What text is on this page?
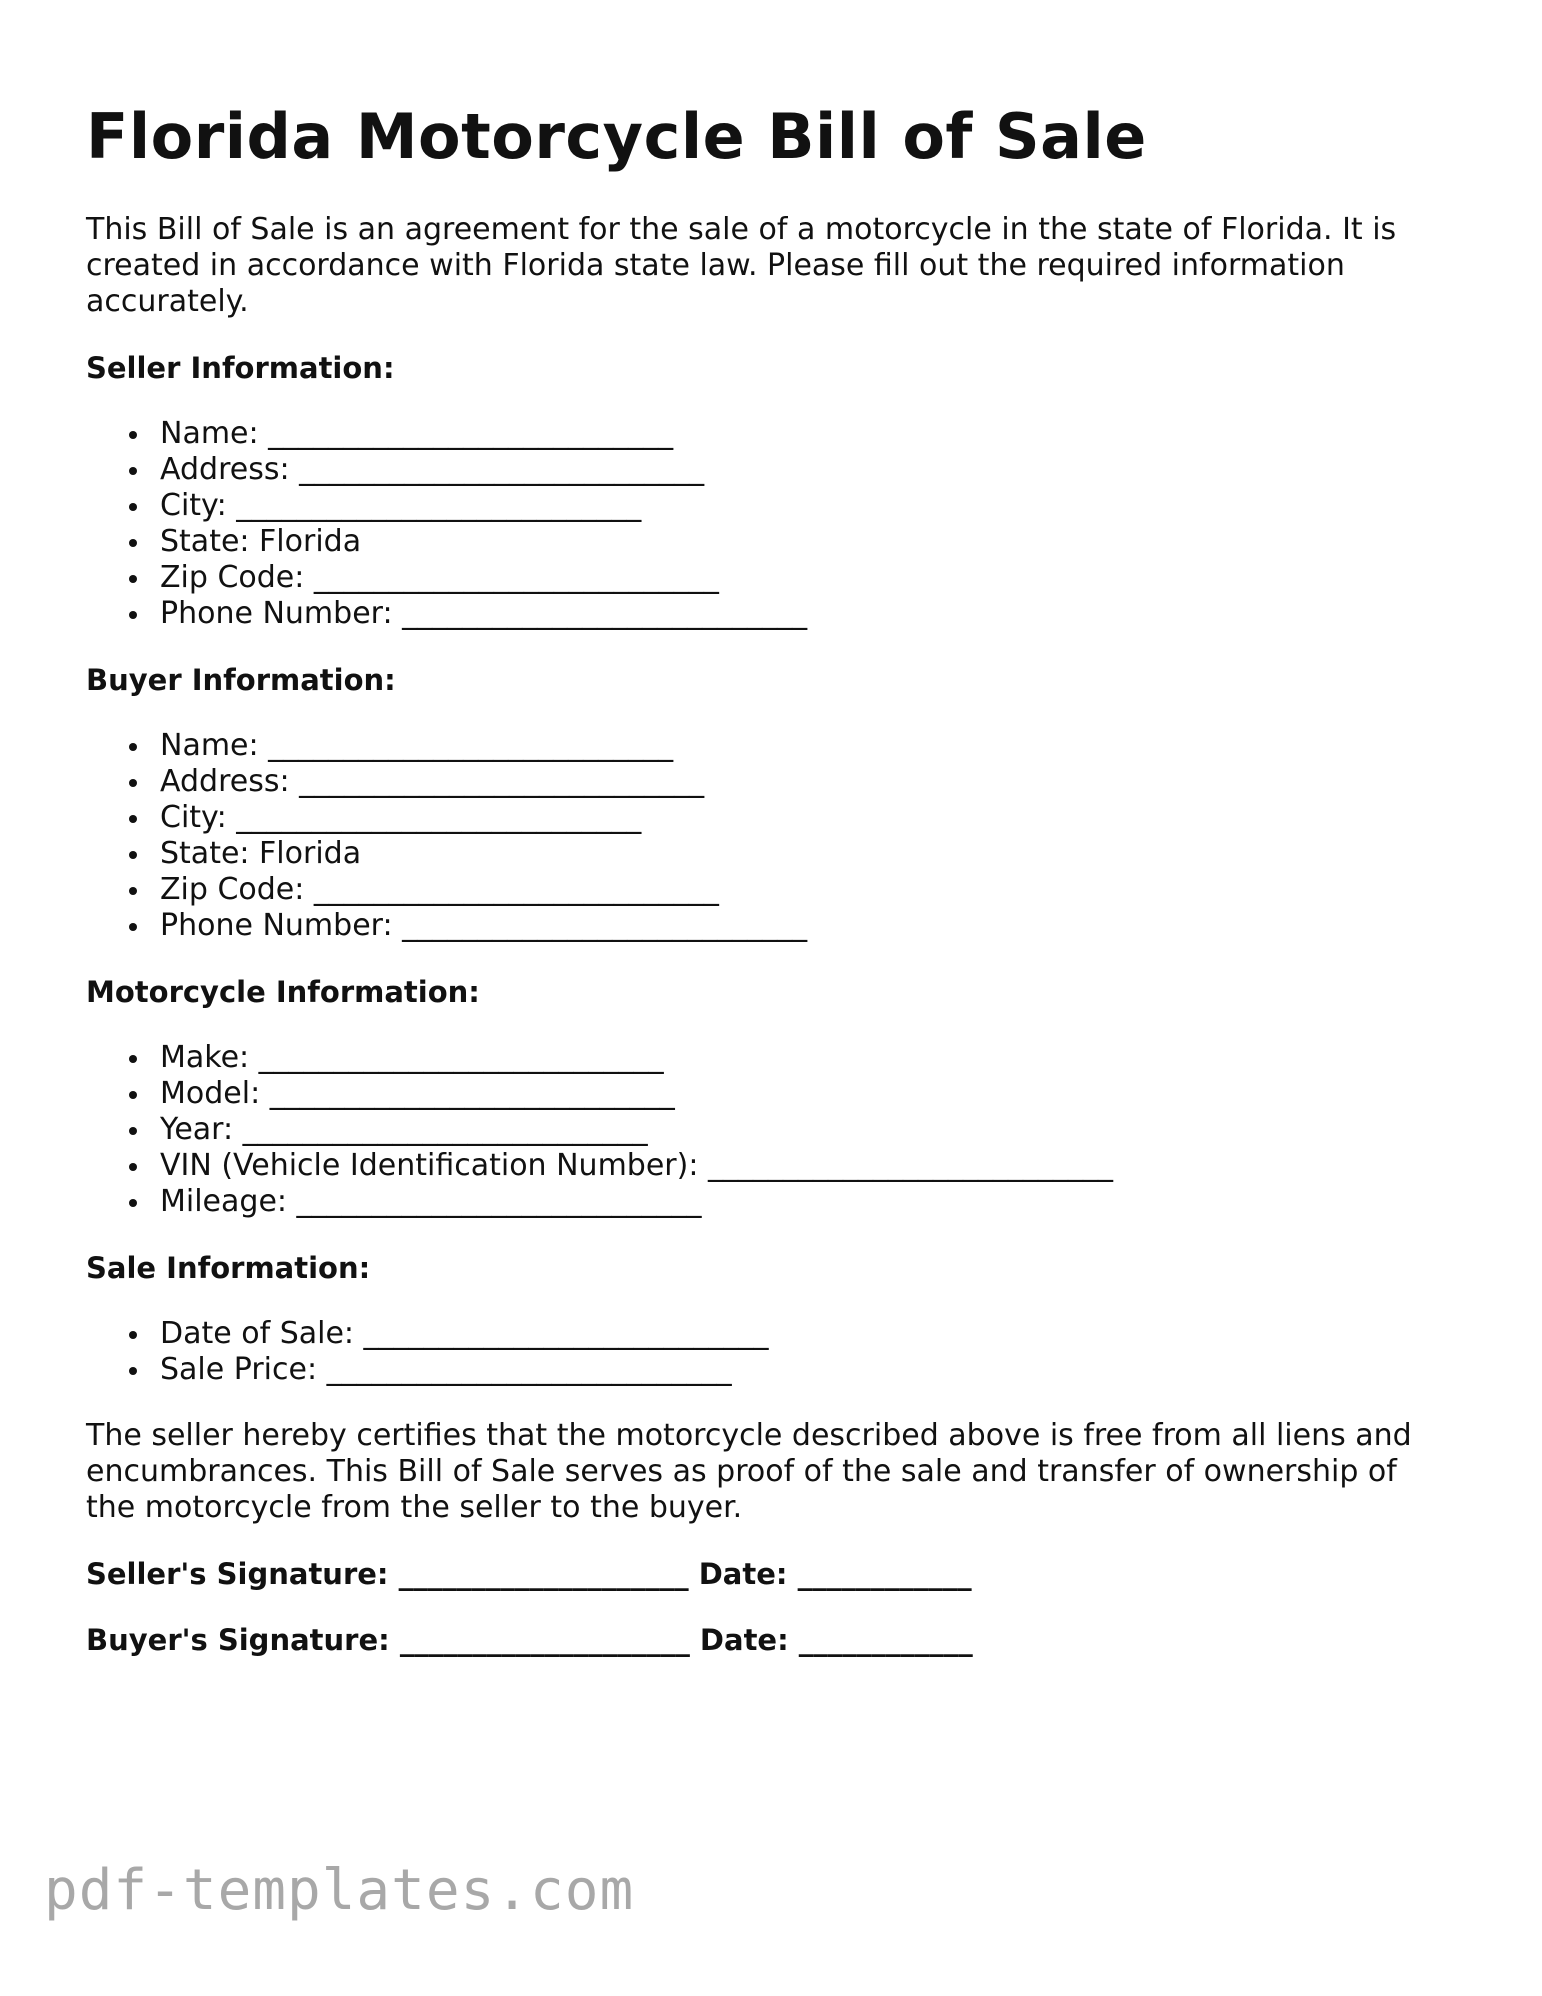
Florida Motorcycle Bill of Sale

This Bill of Sale is an agreement for the sale of a motorcycle in the state of Florida. It is created in accordance with Florida state law. Please fill out the required information accurately.

Seller Information:
Name: ___________________________
Address: ___________________________
City: ___________________________
State: Florida
Zip Code: ___________________________
Phone Number: ___________________________
Buyer Information:
Name: ___________________________
Address: ___________________________
City: ___________________________
State: Florida
Zip Code: ___________________________
Phone Number: ___________________________
Motorcycle Information:
Make: ___________________________
Model: ___________________________
Year: ___________________________
VIN (Vehicle Identification Number): ___________________________
Mileage: ___________________________
Sale Information:
Date of Sale: ___________________________
Sale Price: ___________________________

The seller hereby certifies that the motorcycle described above is free from all liens and encumbrances. This Bill of Sale serves as proof of the sale and transfer of ownership of the motorcycle from the seller to the buyer.

Seller's Signature: ____________________ Date: ____________

Buyer's Signature: ____________________ Date: ____________

pdf-templates.com
